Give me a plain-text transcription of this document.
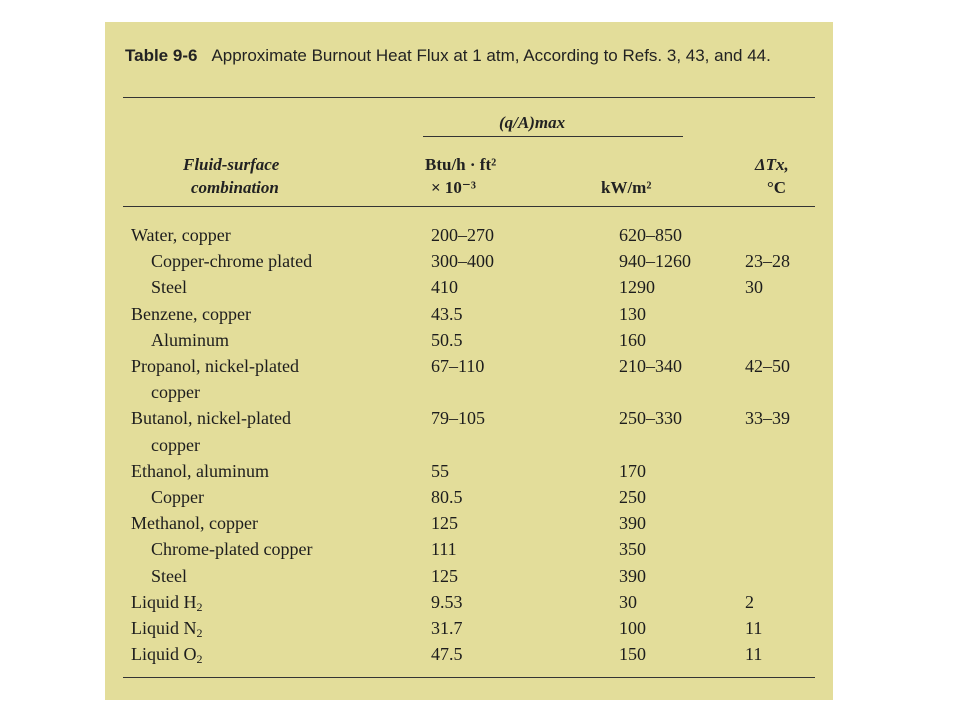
Table 9-6 Approximate Burnout Heat Flux at 1 atm, According to Refs. 3, 43, and 44.
(q/A)max
Fluid-surface
combination
Btu/h · ft²
× 10⁻³	kW/m²
ΔTx,
°C
Water, copper	200–270	620–850
Copper-chrome plated	300–400	940–1260	23–28
Steel	410	1290	30
Benzene, copper	43.5	130
Aluminum	50.5	160
Propanol, nickel-plated	67–110	210–340	42–50
copper
Butanol, nickel-plated	79–105	250–330	33–39
copper
Ethanol, aluminum	55	170
Copper	80.5	250
Methanol, copper	125	390
Chrome-plated copper	111	350
Steel	125	390
Liquid H2	9.53	30	2
Liquid N2	31.7	100	11
Liquid O2	47.5	150	11
